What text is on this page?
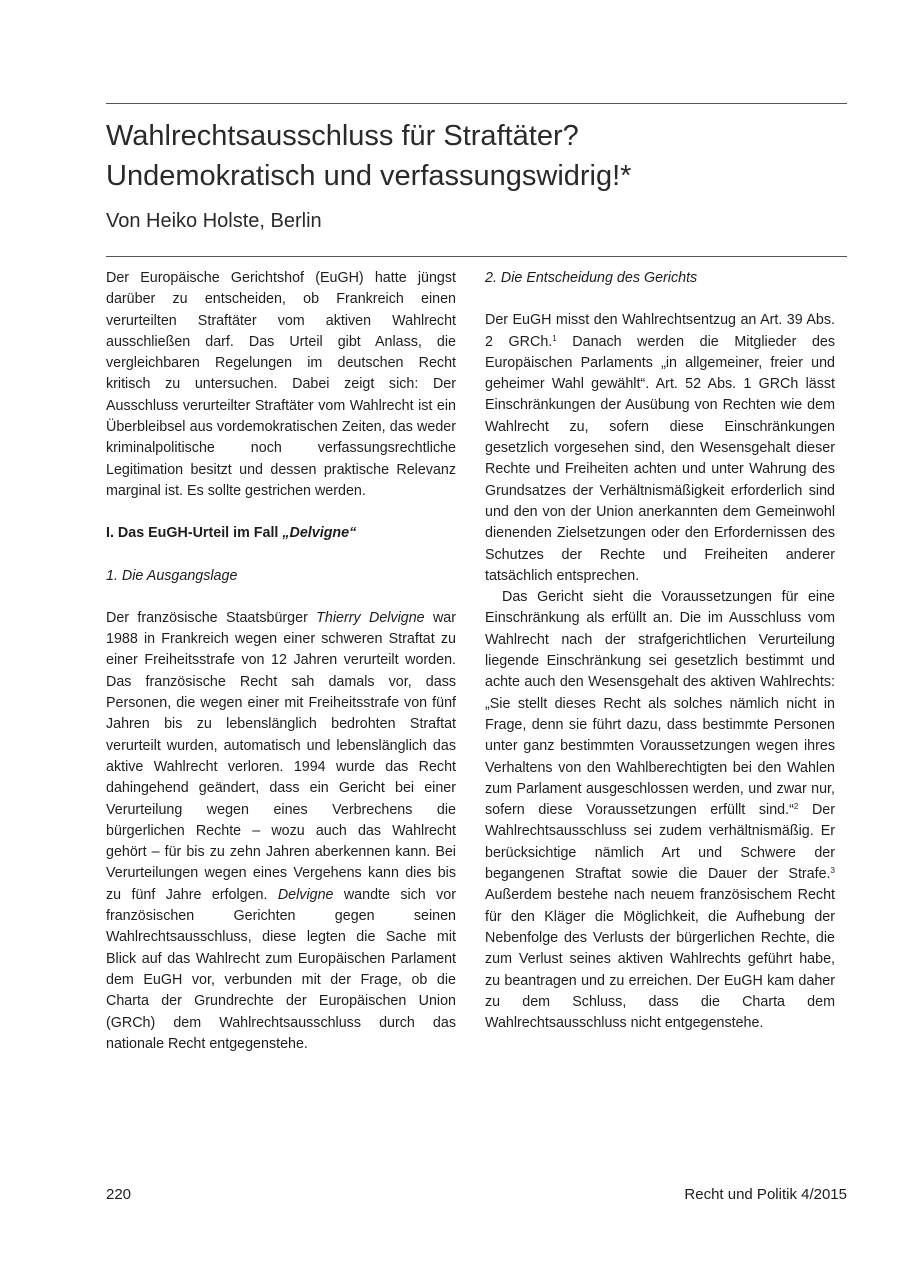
Wahlrechtsausschluss für Straftäter?
Undemokratisch und verfassungswidrig!*
Von Heiko Holste, Berlin

Der Europäische Gerichtshof (EuGH) hatte jüngst darüber zu entscheiden, ob Frankreich einen verurteilten Straftäter vom aktiven Wahlrecht ausschließen darf. Das Urteil gibt Anlass, die vergleichbaren Regelungen im deutschen Recht kritisch zu untersuchen. Dabei zeigt sich: Der Ausschluss verurteilter Straftäter vom Wahlrecht ist ein Überbleibsel aus vordemokratischen Zeiten, das weder kriminalpolitische noch verfassungsrechtliche Legitimation besitzt und dessen praktische Relevanz marginal ist. Es sollte gestrichen werden.

I. Das EuGH-Urteil im Fall „Delvigne“
1. Die Ausgangslage

Der französische Staatsbürger Thierry Delvigne war 1988 in Frankreich wegen einer schweren Straftat zu einer Freiheitsstrafe von 12 Jahren verurteilt worden. Das französische Recht sah damals vor, dass Personen, die wegen einer mit Freiheitsstrafe von fünf Jahren bis zu lebenslänglich bedrohten Straftat verurteilt wurden, automatisch und lebenslänglich das aktive Wahlrecht verloren. 1994 wurde das Recht dahingehend geändert, dass ein Gericht bei einer Verurteilung wegen eines Verbrechens die bürgerlichen Rechte – wozu auch das Wahlrecht gehört – für bis zu zehn Jahren aberkennen kann. Bei Verurteilungen wegen eines Vergehens kann dies bis zu fünf Jahre erfolgen. Delvigne wandte sich vor französischen Gerichten gegen seinen Wahlrechtsausschluss, diese legten die Sache mit Blick auf das Wahlrecht zum Europäischen Parlament dem EuGH vor, verbunden mit der Frage, ob die Charta der Grundrechte der Europäischen Union (GRCh) dem Wahlrechtsausschluss durch das nationale Recht entgegenstehe.

2. Die Entscheidung des Gerichts

Der EuGH misst den Wahlrechtsentzug an Art. 39 Abs. 2 GRCh.$^1$ Danach werden die Mitglieder des Europäischen Parlaments „in allgemeiner, freier und geheimer Wahl gewählt“. Art. 52 Abs. 1 GRCh lässt Einschränkungen der Ausübung von Rechten wie dem Wahlrecht zu, sofern diese Einschränkungen gesetzlich vorgesehen sind, den Wesensgehalt dieser Rechte und Freiheiten achten und unter Wahrung des Grundsatzes der Verhältnismäßigkeit erforderlich sind und den von der Union anerkannten dem Gemeinwohl dienenden Zielsetzungen oder den Erfordernissen des Schutzes der Rechte und Freiheiten anderer tatsächlich entsprechen.

Das Gericht sieht die Voraussetzungen für eine Einschränkung als erfüllt an. Die im Ausschluss vom Wahlrecht nach der strafgerichtlichen Verurteilung liegende Einschränkung sei gesetzlich bestimmt und achte auch den Wesensgehalt des aktiven Wahlrechts: „Sie stellt dieses Recht als solches nämlich nicht in Frage, denn sie führt dazu, dass bestimmte Personen unter ganz bestimmten Voraussetzungen wegen ihres Verhaltens von den Wahlberechtigten bei den Wahlen zum Parlament ausgeschlossen werden, und zwar nur, sofern diese Voraussetzungen erfüllt sind.“$^2$ Der Wahlrechtsausschluss sei zudem verhältnismäßig. Er berücksichtige nämlich Art und Schwere der begangenen Straftat sowie die Dauer der Strafe.$^3$ Außerdem bestehe nach neuem französischem Recht für den Kläger die Möglichkeit, die Aufhebung der Nebenfolge des Verlusts der bürgerlichen Rechte, die zum Verlust seines aktiven Wahlrechts geführt habe, zu beantragen und zu erreichen. Der EuGH kam daher zu dem Schluss, dass die Charta dem Wahlrechtsausschluss nicht entgegenstehe.

220	Recht und Politik 4/2015
